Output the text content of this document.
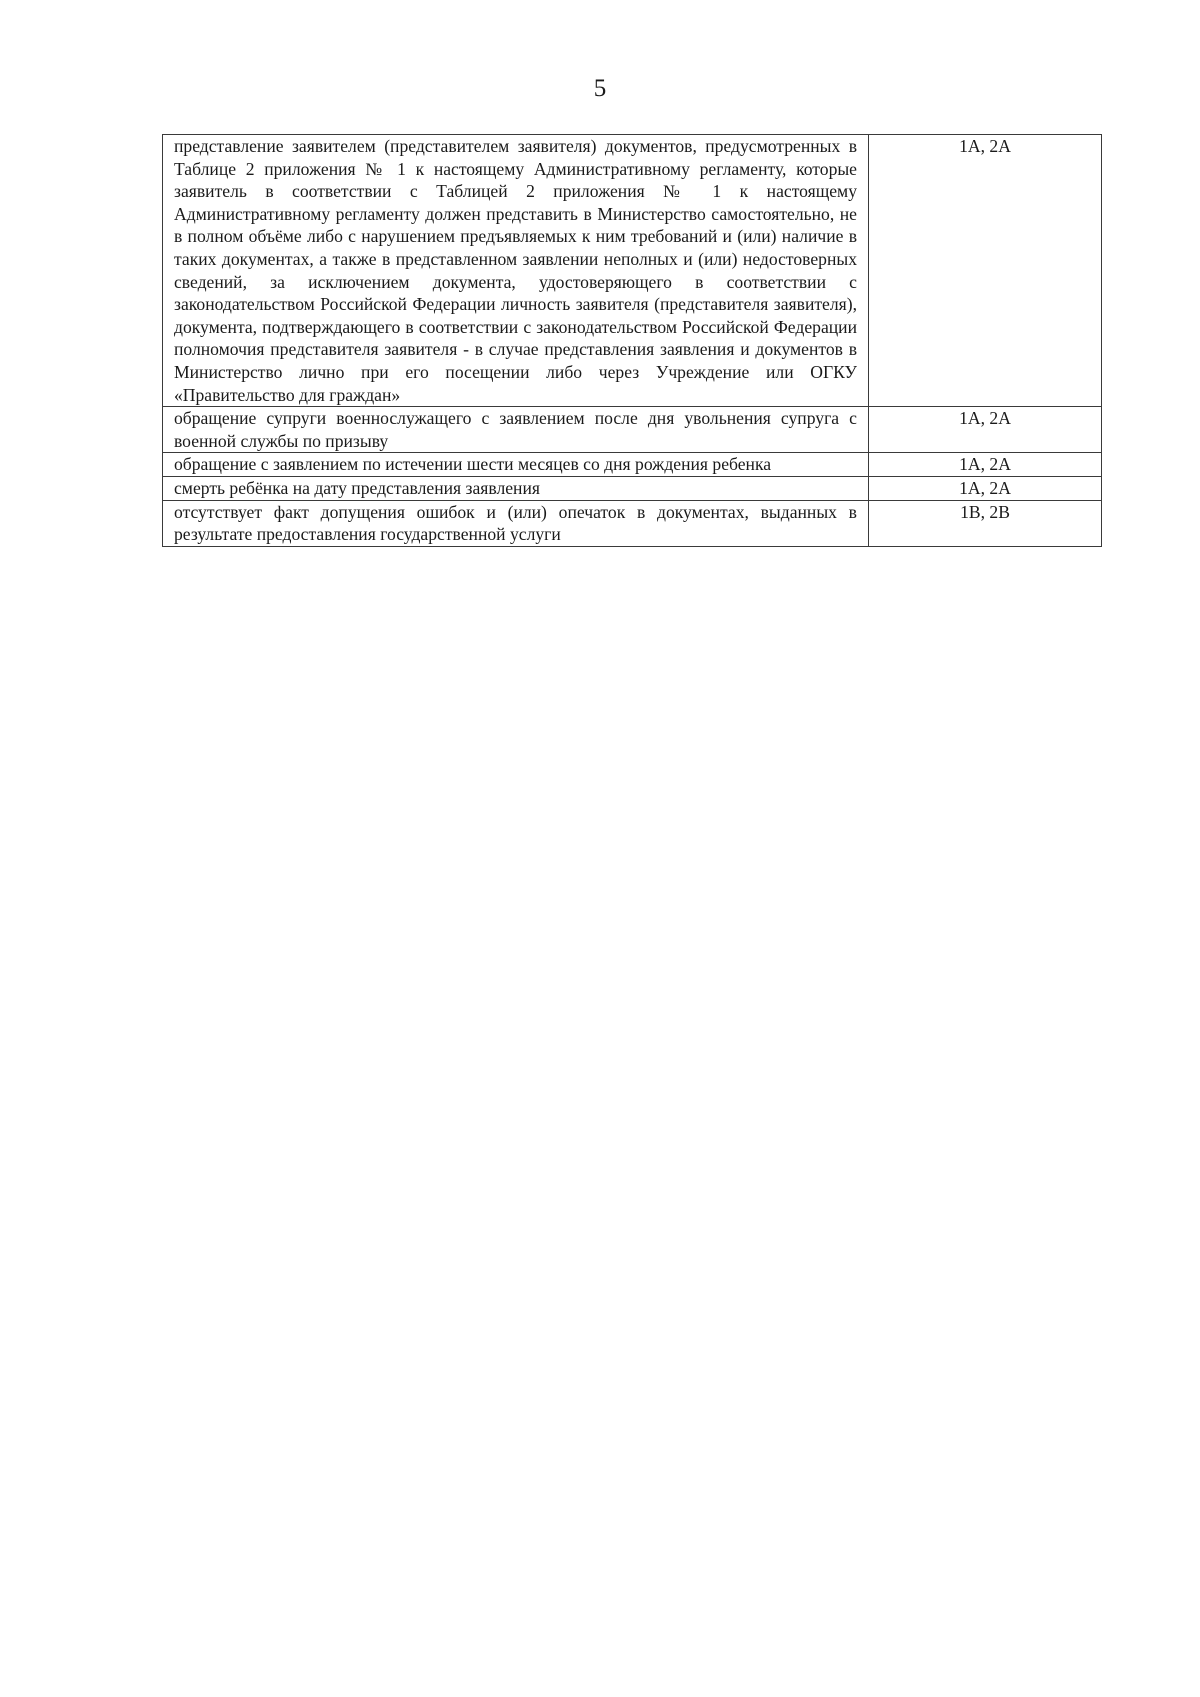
5
представление заявителем (представителем заявителя) документов, предусмотренных в Таблице 2 приложения № 1 к настоящему Административному регламенту, которые заявитель в соответствии с Таблицей 2 приложения № 1 к настоящему Административному регламенту должен представить в Министерство самостоятельно, не в полном объёме либо с нарушением предъявляемых к ним требований и (или) наличие в таких документах, а также в представленном заявлении неполных и (или) недостоверных сведений, за исключением документа, удостоверяющего в соответствии с законодательством Российской Федерации личность заявителя (представителя заявителя), документа, подтверждающего в соответствии с законодательством Российской Федерации полномочия представителя заявителя - в случае представления заявления и документов в Министерство лично при его посещении либо через Учреждение или ОГКУ «Правительство для граждан»	1А, 2А
обращение супруги военнослужащего с заявлением после дня увольнения супруга с военной службы по призыву	1А, 2А
обращение с заявлением по истечении шести месяцев со дня рождения ребенка	1А, 2А
смерть ребёнка на дату представления заявления	1А, 2А
отсутствует факт допущения ошибок и (или) опечаток в документах, выданных в результате предоставления государственной услуги	1В, 2В
